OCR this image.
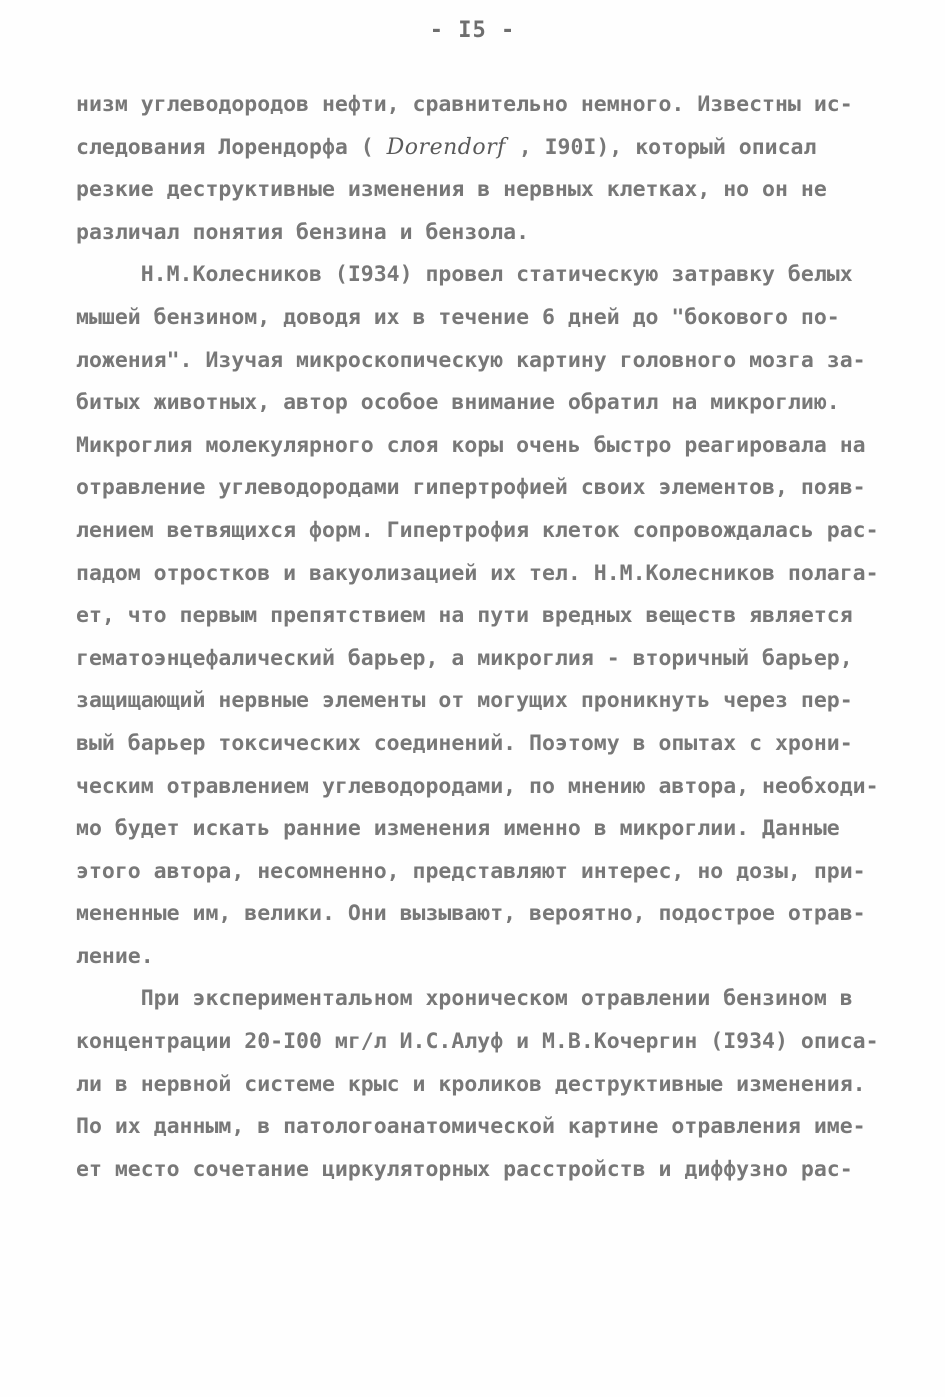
- I5 -
низм углеводородов нефти, сравнительно немного. Известны ис-
следования Лорендорфа ( Dorendorf , I90I), который описал
резкие деструктивные изменения в нервных клетках, но он не
различал понятия бензина и бензола.
Н.М.Колесников (I934) провел статическую затравку белых
мышей бензином, доводя их в течение 6 дней до "бокового по-
ложения". Изучая микроскопическую картину головного мозга за-
битых животных, автор особое внимание обратил на микроглию.
Микроглия молекулярного слоя коры очень быстро реагировала на
отравление углеводородами гипертрофией своих элементов, появ-
лением ветвящихся форм. Гипертрофия клеток сопровождалась рас-
падом отростков и вакуолизацией их тел. Н.М.Колесников полага-
ет, что первым препятствием на пути вредных веществ является
гематоэнцефалический барьер, а микроглия - вторичный барьер,
защищающий нервные элементы от могущих проникнуть через пер-
вый барьер токсических соединений. Поэтому в опытах с хрони-
ческим отравлением углеводородами, по мнению автора, необходи-
мо будет искать ранние изменения именно в микроглии. Данные
этого автора, несомненно, представляют интерес, но дозы, при-
мененные им, велики. Они вызывают, вероятно, подострое отрав-
ление.
При экспериментальном хроническом отравлении бензином в
концентрации 20-I00 мг/л И.С.Алуф и М.В.Кочергин (I934) описа-
ли в нервной системе крыс и кроликов деструктивные изменения.
По их данным, в патологоанатомической картине отравления име-
ет место сочетание циркуляторных расстройств и диффузно рас-
